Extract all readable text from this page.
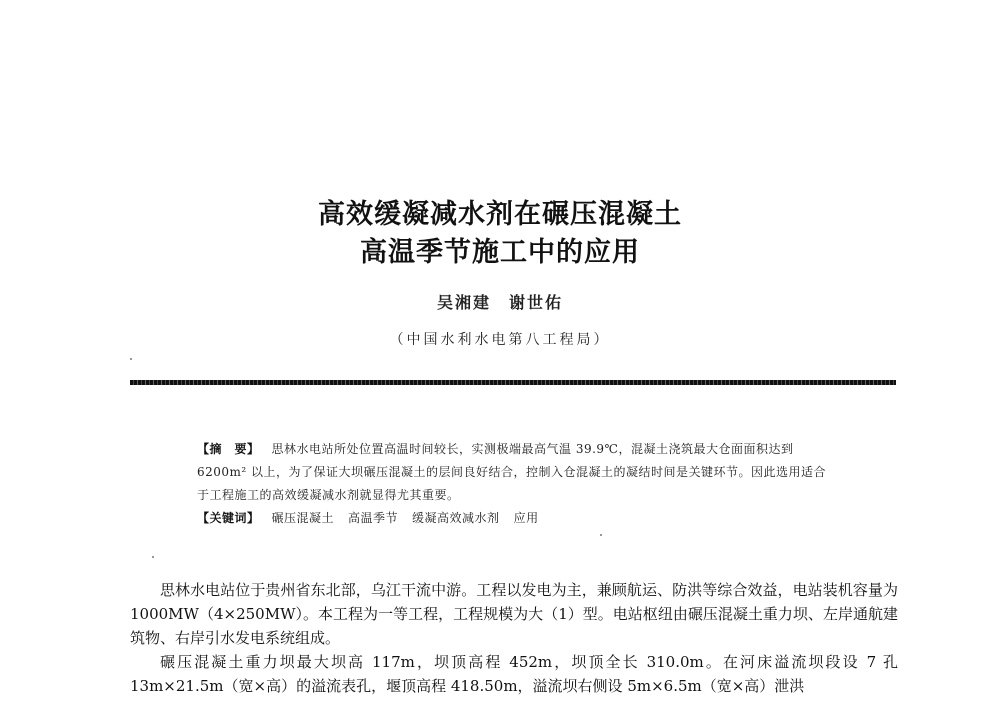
高效缓凝减水剂在碾压混凝土
高温季节施工中的应用
吴湘建　谢世佑
（中国水利水电第八工程局）

【摘　要】 思林水电站所处位置高温时间较长，实测极端最高气温 39.9℃，混凝土浇筑最大仓面面积达到 6200m² 以上，为了保证大坝碾压混凝土的层间良好结合，控制入仓混凝土的凝结时间是关键环节。因此选用适合于工程施工的高效缓凝减水剂就显得尤其重要。

【关键词】 碾压混凝土 高温季节 缓凝高效减水剂 应用

思林水电站位于贵州省东北部，乌江干流中游。工程以发电为主，兼顾航运、防洪等综合效益，电站装机容量为 1000MW（4×250MW）。本工程为一等工程，工程规模为大（1）型。电站枢纽由碾压混凝土重力坝、左岸通航建筑物、右岸引水发电系统组成。

碾压混凝土重力坝最大坝高 117m，坝顶高程 452m，坝顶全长 310.0m。在河床溢流坝段设 7 孔 13m×21.5m（宽×高）的溢流表孔，堰顶高程 418.50m，溢流坝右侧设 5m×6.5m（宽×高）泄洪
